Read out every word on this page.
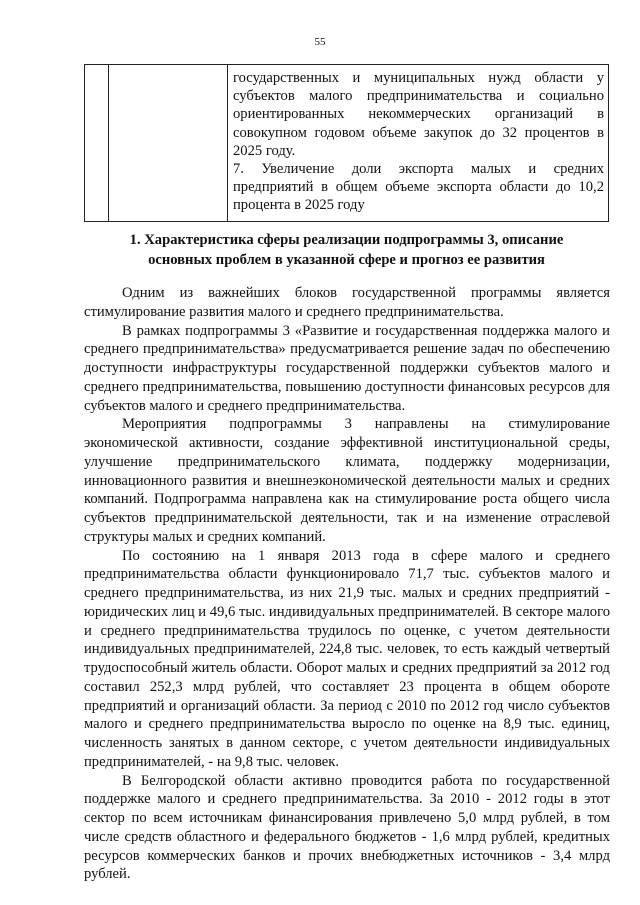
55

государственных и муниципальных нужд области у субъектов малого предпринимательства и социально ориентированных некоммерческих организаций в совокупном годовом объеме закупок до 32 процентов в 2025 году.

7. Увеличение доли экспорта малых и средних предприятий в общем объеме экспорта области до 10,2 процента в 2025 году

1. Характеристика сферы реализации подпрограммы 3, описание
основных проблем в указанной сфере и прогноз ее развития

Одним из важнейших блоков государственной программы является стимулирование развития малого и среднего предпринимательства.

В рамках подпрограммы 3 «Развитие и государственная поддержка малого и среднего предпринимательства» предусматривается решение задач по обеспечению доступности инфраструктуры государственной поддержки субъектов малого и среднего предпринимательства, повышению доступности финансовых ресурсов для субъектов малого и среднего предпринимательства.

Мероприятия подпрограммы 3 направлены на стимулирование экономической активности, создание эффективной институциональной среды, улучшение предпринимательского климата, поддержку модернизации, инновационного развития и внешнеэкономической деятельности малых и средних компаний. Подпрограмма направлена как на стимулирование роста общего числа субъектов предпринимательской деятельности, так и на изменение отраслевой структуры малых и средних компаний.

По состоянию на 1 января 2013 года в сфере малого и среднего предпринимательства области функционировало 71,7 тыс. субъектов малого и среднего предпринимательства, из них 21,9 тыс. малых и средних предприятий - юридических лиц и 49,6 тыс. индивидуальных предпринимателей. В секторе малого и среднего предпринимательства трудилось по оценке, с учетом деятельности индивидуальных предпринимателей, 224,8 тыс. человек, то есть каждый четвертый трудоспособный житель области. Оборот малых и средних предприятий за 2012 год составил 252,3 млрд рублей, что составляет 23 процента в общем обороте предприятий и организаций области. За период с 2010 по 2012 год число субъектов малого и среднего предпринимательства выросло по оценке на 8,9 тыс. единиц, численность занятых в данном секторе, с учетом деятельности индивидуальных предпринимателей, - на 9,8 тыс. человек.

В Белгородской области активно проводится работа по государственной поддержке малого и среднего предпринимательства. За 2010 - 2012 годы в этот сектор по всем источникам финансирования привлечено 5,0 млрд рублей, в том числе средств областного и федерального бюджетов - 1,6 млрд рублей, кредитных ресурсов коммерческих банков и прочих внебюджетных источников - 3,4 млрд рублей.
